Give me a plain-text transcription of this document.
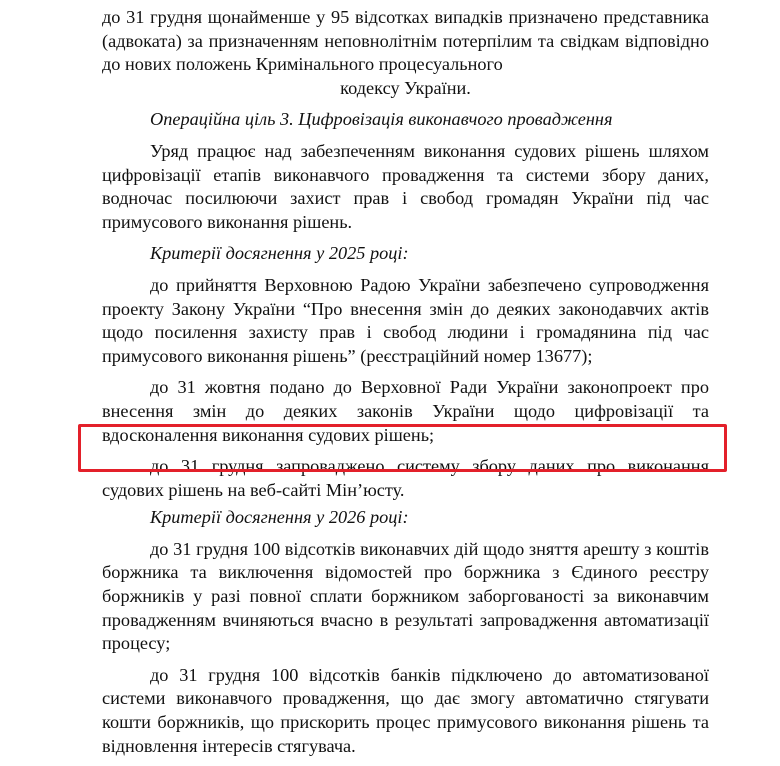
до 31 грудня щонайменше у 95 відсотках випадків призначено представника (адвоката) за призначенням неповнолітнім потерпілим та свідкам відповідно до нових положень Кримінального процесуального
кодексу України.

Операційна ціль 3. Цифровізація виконавчого провадження

Уряд працює над забезпеченням виконання судових рішень шляхом цифровізації етапів виконавчого провадження та системи збору даних, водночас посилюючи захист прав і свобод громадян України під час примусового виконання рішень.

Критерії досягнення у 2025 році:

до прийняття Верховною Радою України забезпечено супроводження проекту Закону України “Про внесення змін до деяких законодавчих актів щодо посилення захисту прав і свобод людини і громадянина під час примусового виконання рішень” (реєстраційний номер 13677);

до 31 жовтня подано до Верховної Ради України законопроект про внесення змін до деяких законів України щодо цифровізації та вдосконалення виконання судових рішень;

до 31 грудня запроваджено систему збору даних про виконання судових рішень на веб-сайті Мін’юсту.

Критерії досягнення у 2026 році:

до 31 грудня 100 відсотків виконавчих дій щодо зняття арешту з коштів боржника та виключення відомостей про боржника з Єдиного реєстру боржників у разі повної сплати боржником заборгованості за виконавчим провадженням вчиняються вчасно в результаті запровадження автоматизації процесу;

до 31 грудня 100 відсотків банків підключено до автоматизованої системи виконавчого провадження, що дає змогу автоматично стягувати кошти боржників, що прискорить процес примусового виконання рішень та відновлення інтересів стягувача.
